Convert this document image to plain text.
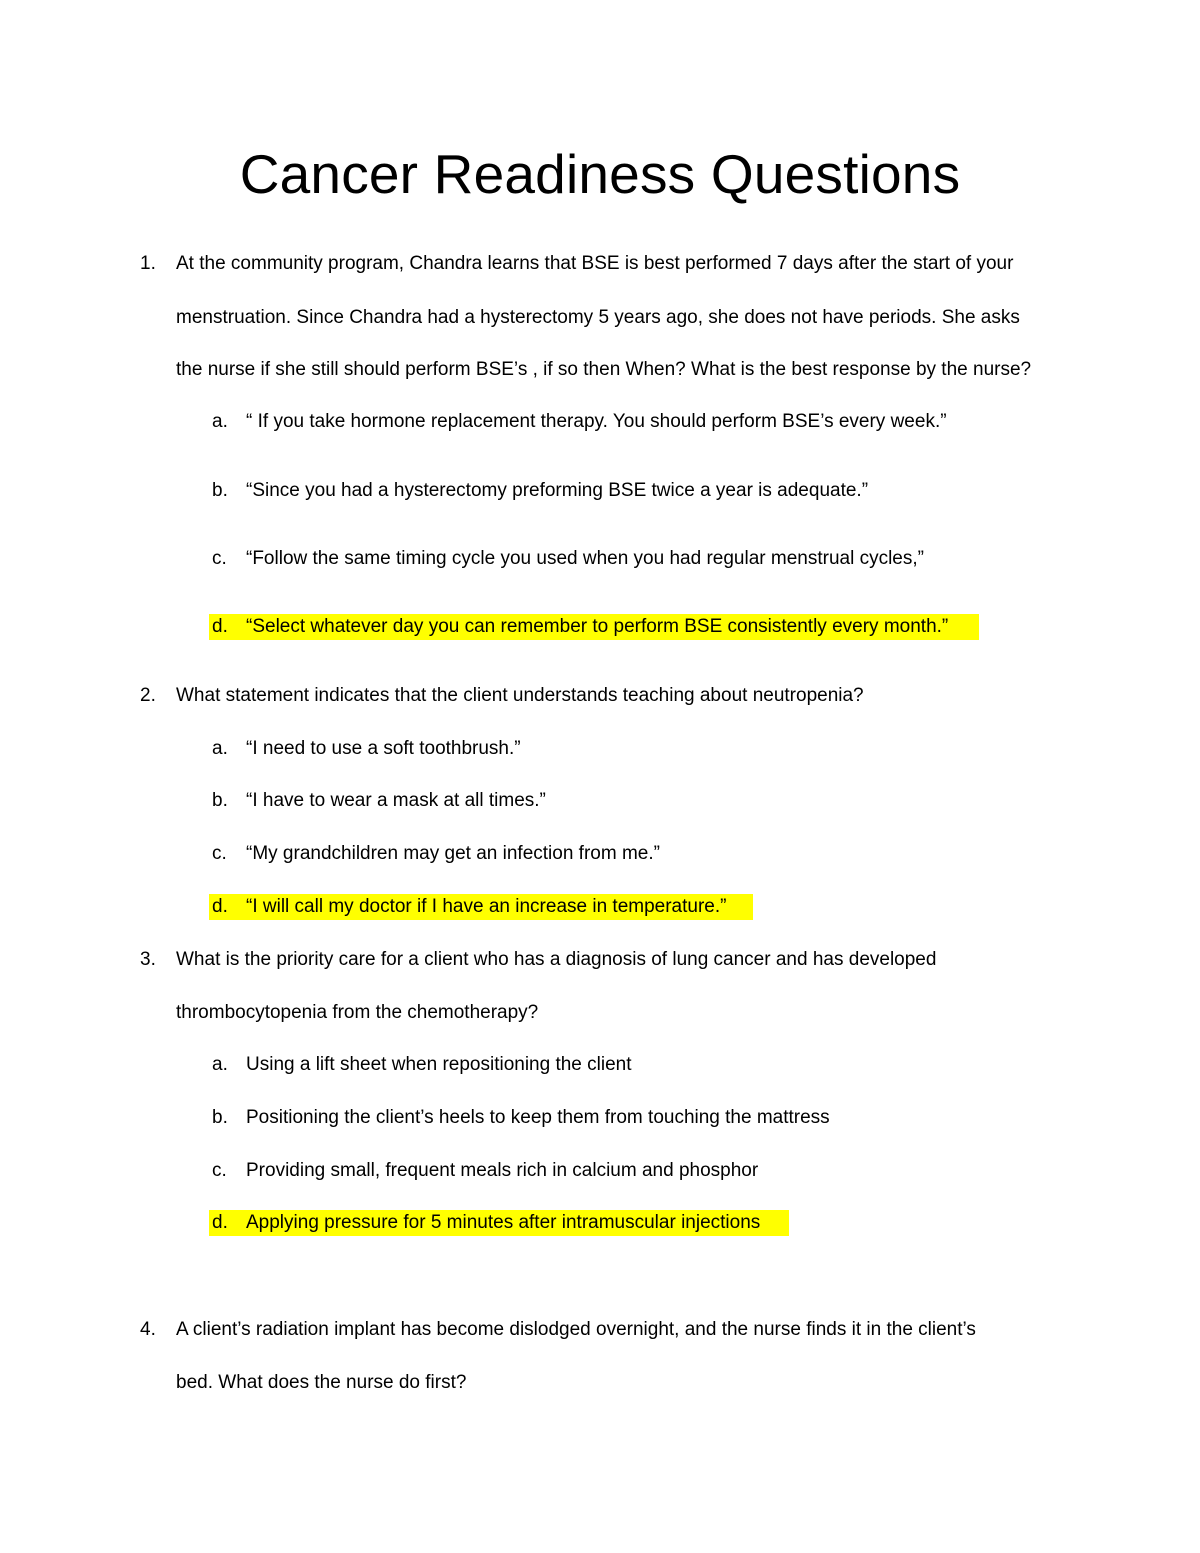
Cancer Readiness Questions
1. At the community program, Chandra learns that BSE is best performed 7 days after the start of your
menstruation. Since Chandra had a hysterectomy 5 years ago, she does not have periods. She asks
the nurse if she still should perform BSE’s , if so then When? What is the best response by the nurse?
a. “ If you take hormone replacement therapy. You should perform BSE’s every week.”
b. “Since you had a hysterectomy preforming BSE twice a year is adequate.”
c. “Follow the same timing cycle you used when you had regular menstrual cycles,”
d. “Select whatever day you can remember to perform BSE consistently every month.”
2. What statement indicates that the client understands teaching about neutropenia?
a. “I need to use a soft toothbrush.”
b. “I have to wear a mask at all times.”
c. “My grandchildren may get an infection from me.”
d. “I will call my doctor if I have an increase in temperature.”
3. What is the priority care for a client who has a diagnosis of lung cancer and has developed
thrombocytopenia from the chemotherapy?
a. Using a lift sheet when repositioning the client
b. Positioning the client’s heels to keep them from touching the mattress
c. Providing small, frequent meals rich in calcium and phosphor
d. Applying pressure for 5 minutes after intramuscular injections
4. A client’s radiation implant has become dislodged overnight, and the nurse finds it in the client’s
bed. What does the nurse do first?
